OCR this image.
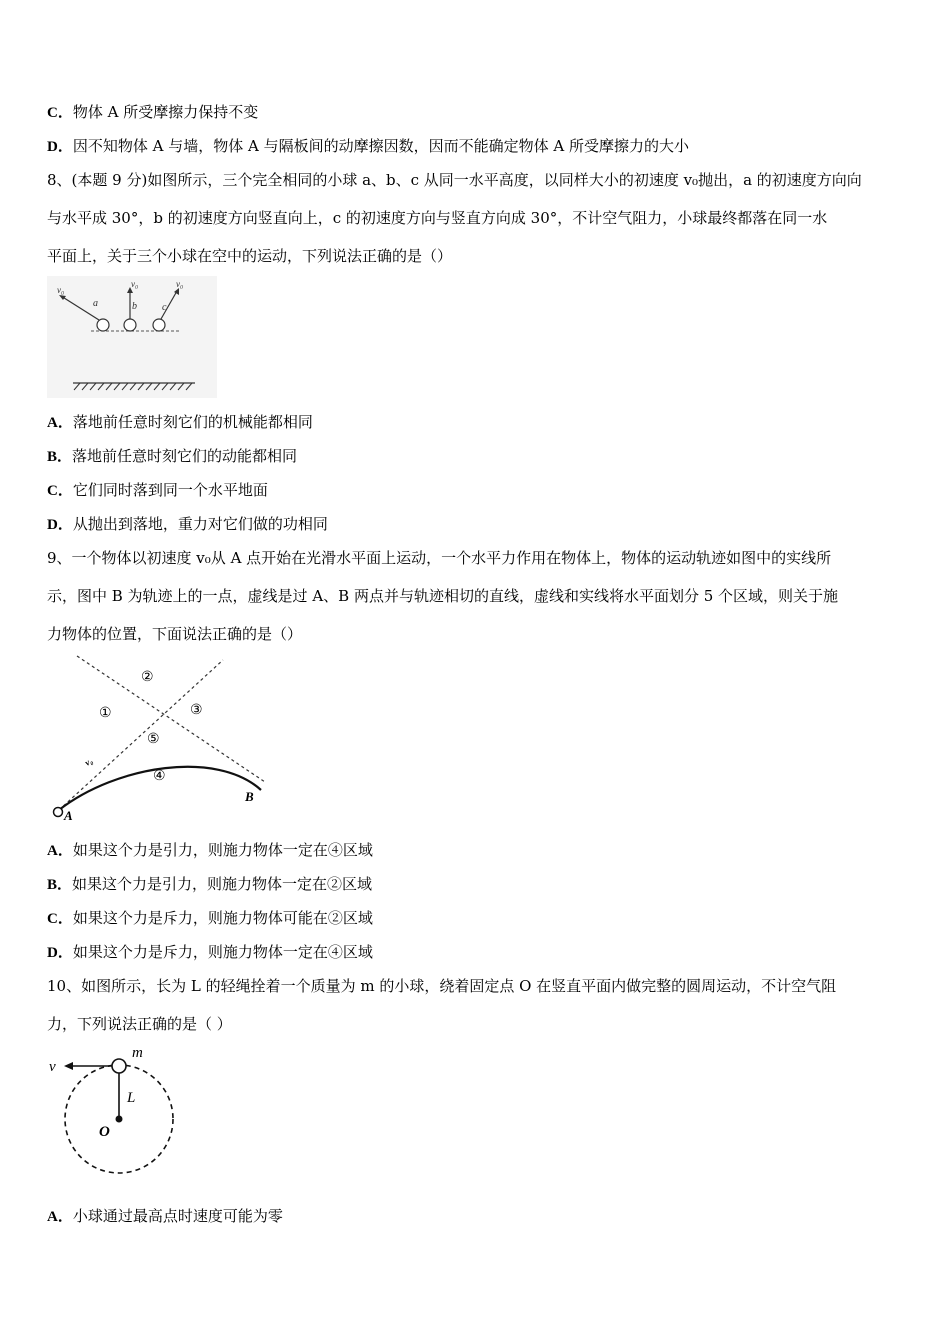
C．物体 A 所受摩擦力保持不变
D．因不知物体 A 与墙，物体 A 与隔板间的动摩擦因数，因而不能确定物体 A 所受摩擦力的大小
8、(本题 9 分)如图所示，三个完全相同的小球 a、b、c 从同一水平高度，以同样大小的初速度 v₀抛出，a 的初速度方向向
与水平成 30°，b 的初速度方向竖直向上，c 的初速度方向与竖直方向成 30°，不计空气阻力，小球最终都落在同一水
平面上，关于三个小球在空中的运动，下列说法正确的是（）
v₀
v₀	v₀
a	b	c
A．落地前任意时刻它们的机械能都相同
B．落地前任意时刻它们的动能都相同
C．它们同时落到同一个水平地面
D．从抛出到落地，重力对它们做的功相同
9、一个物体以初速度 v₀从 A 点开始在光滑水平面上运动，一个水平力作用在物体上，物体的运动轨迹如图中的实线所
示，图中 B 为轨迹上的一点，虚线是过 A、B 两点并与轨迹相切的直线，虚线和实线将水平面划分 5 个区域，则关于施
力物体的位置，下面说法正确的是（）
A
B
v₀
①
②
③
④
⑤
A．如果这个力是引力，则施力物体一定在④区域
B．如果这个力是引力，则施力物体一定在②区域
C．如果这个力是斥力，则施力物体可能在②区域
D．如果这个力是斥力，则施力物体一定在④区域
10、如图所示，长为 L 的轻绳拴着一个质量为 m 的小球，绕着固定点 O 在竖直平面内做完整的圆周运动，不计空气阻
力，下列说法正确的是（ ）
v
m
L
O
A．小球通过最高点时速度可能为零
